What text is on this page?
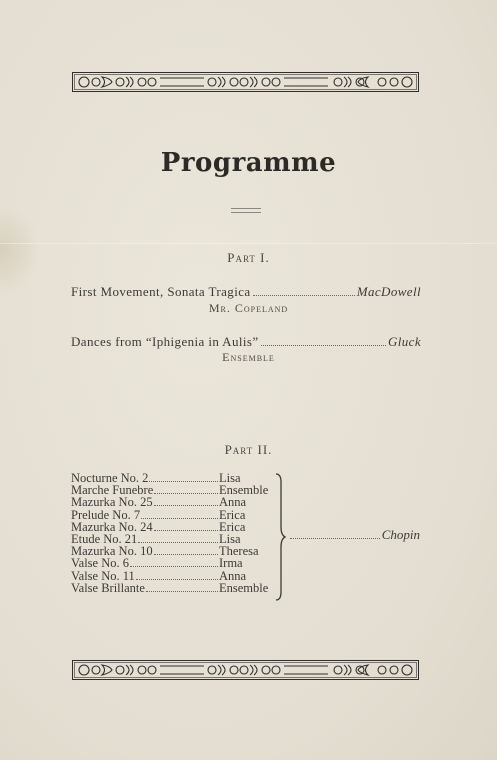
Programme
Part I.
First Movement, Sonata Tragica	MacDowell
Mr. Copeland
Dances from “Iphigenia in Aulis”	Gluck
Ensemble
Part II.
Nocturne No. 2	Lisa
Marche Funebre	Ensemble
Mazurka No. 25	Anna
Prelude No. 7	Erica
Mazurka No. 24	Erica
Etude No. 21	Lisa
Mazurka No. 10	Theresa
Valse No. 6	Irma
Valse No. 11	Anna
Valse Brillante	Ensemble
Chopin
